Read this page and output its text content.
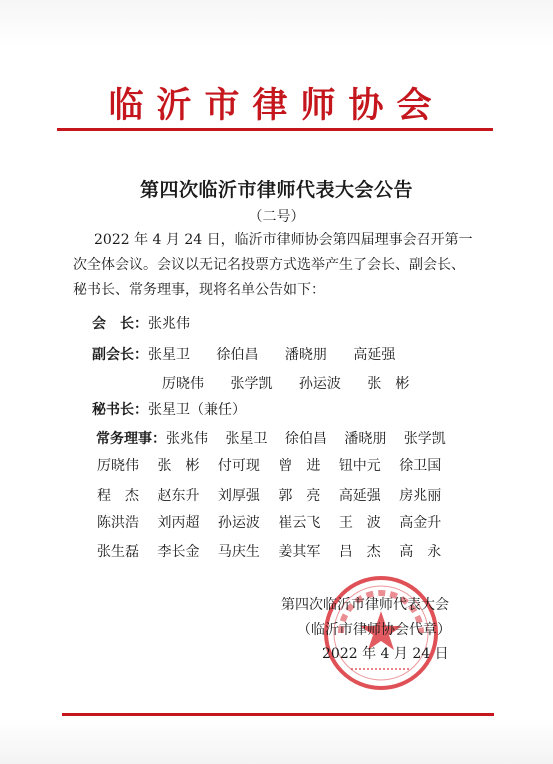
临沂市律师协会
第四次临沂市律师代表大会公告
（二号）
2022 年 4 月 24 日，临沂市律师协会第四届理事会召开第一
次全体会议。会议以无记名投票方式选举产生了会长、副会长、
秘书长、常务理事，现将名单公告如下：
会　长：张兆伟
副会长：张星卫 徐伯昌 潘晓朋 高延强
厉晓伟 张学凯 孙运波 张　彬
秘书长：张星卫（兼任）
常务理事：张兆伟 张星卫 徐伯昌 潘晓朋 张学凯
厉晓伟 张　彬 付可现 曾　进 钮中元 徐卫国
程　杰 赵东升 刘厚强 郭　亮 高延强 房兆丽
陈洪浩 刘丙超 孙运波 崔云飞 王　波 高金升
张生磊 李长金 马庆生 姜其军 吕　杰 高　永
第四次临沂市律师代表大会
（临沂市律师协会代章）
2022 年 4 月 24 日
